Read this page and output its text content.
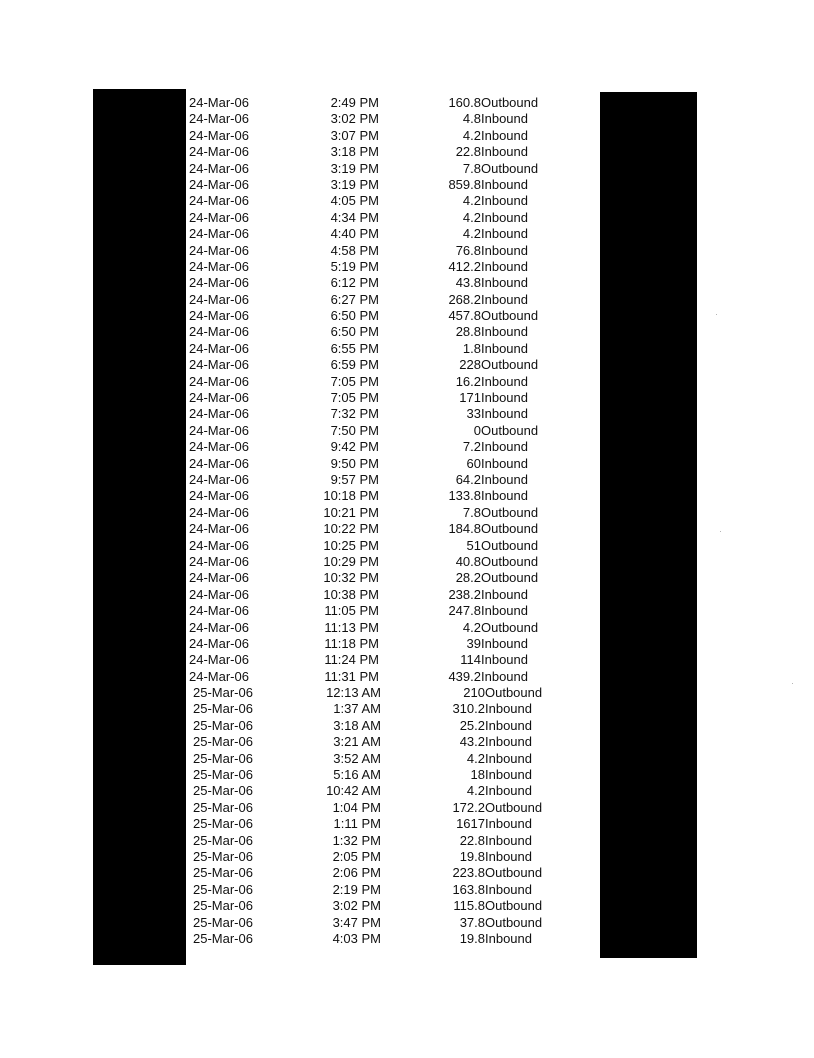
24-Mar-06	2:49 PM	160.8 Outbound
24-Mar-06	3:02 PM	4.8 Inbound
24-Mar-06	3:07 PM	4.2 Inbound
24-Mar-06	3:18 PM	22.8 Inbound
24-Mar-06	3:19 PM	7.8 Outbound
24-Mar-06	3:19 PM	859.8 Inbound
24-Mar-06	4:05 PM	4.2 Inbound
24-Mar-06	4:34 PM	4.2 Inbound
24-Mar-06	4:40 PM	4.2 Inbound
24-Mar-06	4:58 PM	76.8 Inbound
24-Mar-06	5:19 PM	412.2 Inbound
24-Mar-06	6:12 PM	43.8 Inbound
24-Mar-06	6:27 PM	268.2 Inbound
24-Mar-06	6:50 PM	457.8 Outbound
24-Mar-06	6:50 PM	28.8 Inbound
24-Mar-06	6:55 PM	1.8 Inbound
24-Mar-06	6:59 PM	228 Outbound
24-Mar-06	7:05 PM	16.2 Inbound
24-Mar-06	7:05 PM	171 Inbound
24-Mar-06	7:32 PM	33 Inbound
24-Mar-06	7:50 PM	0 Outbound
24-Mar-06	9:42 PM	7.2 Inbound
24-Mar-06	9:50 PM	60 Inbound
24-Mar-06	9:57 PM	64.2 Inbound
24-Mar-06	10:18 PM	133.8 Inbound
24-Mar-06	10:21 PM	7.8 Outbound
24-Mar-06	10:22 PM	184.8 Outbound
24-Mar-06	10:25 PM	51 Outbound
24-Mar-06	10:29 PM	40.8 Outbound
24-Mar-06	10:32 PM	28.2 Outbound
24-Mar-06	10:38 PM	238.2 Inbound
24-Mar-06	11:05 PM	247.8 Inbound
24-Mar-06	11:13 PM	4.2 Outbound
24-Mar-06	11:18 PM	39 Inbound
24-Mar-06	11:24 PM	114 Inbound
24-Mar-06	11:31 PM	439.2 Inbound
25-Mar-06	12:13 AM	210 Outbound
25-Mar-06	1:37 AM	310.2 Inbound
25-Mar-06	3:18 AM	25.2 Inbound
25-Mar-06	3:21 AM	43.2 Inbound
25-Mar-06	3:52 AM	4.2 Inbound
25-Mar-06	5:16 AM	18 Inbound
25-Mar-06	10:42 AM	4.2 Inbound
25-Mar-06	1:04 PM	172.2 Outbound
25-Mar-06	1:11 PM	1617 Inbound
25-Mar-06	1:32 PM	22.8 Inbound
25-Mar-06	2:05 PM	19.8 Inbound
25-Mar-06	2:06 PM	223.8 Outbound
25-Mar-06	2:19 PM	163.8 Inbound
25-Mar-06	3:02 PM	115.8 Outbound
25-Mar-06	3:47 PM	37.8 Outbound
25-Mar-06	4:03 PM	19.8 Inbound
